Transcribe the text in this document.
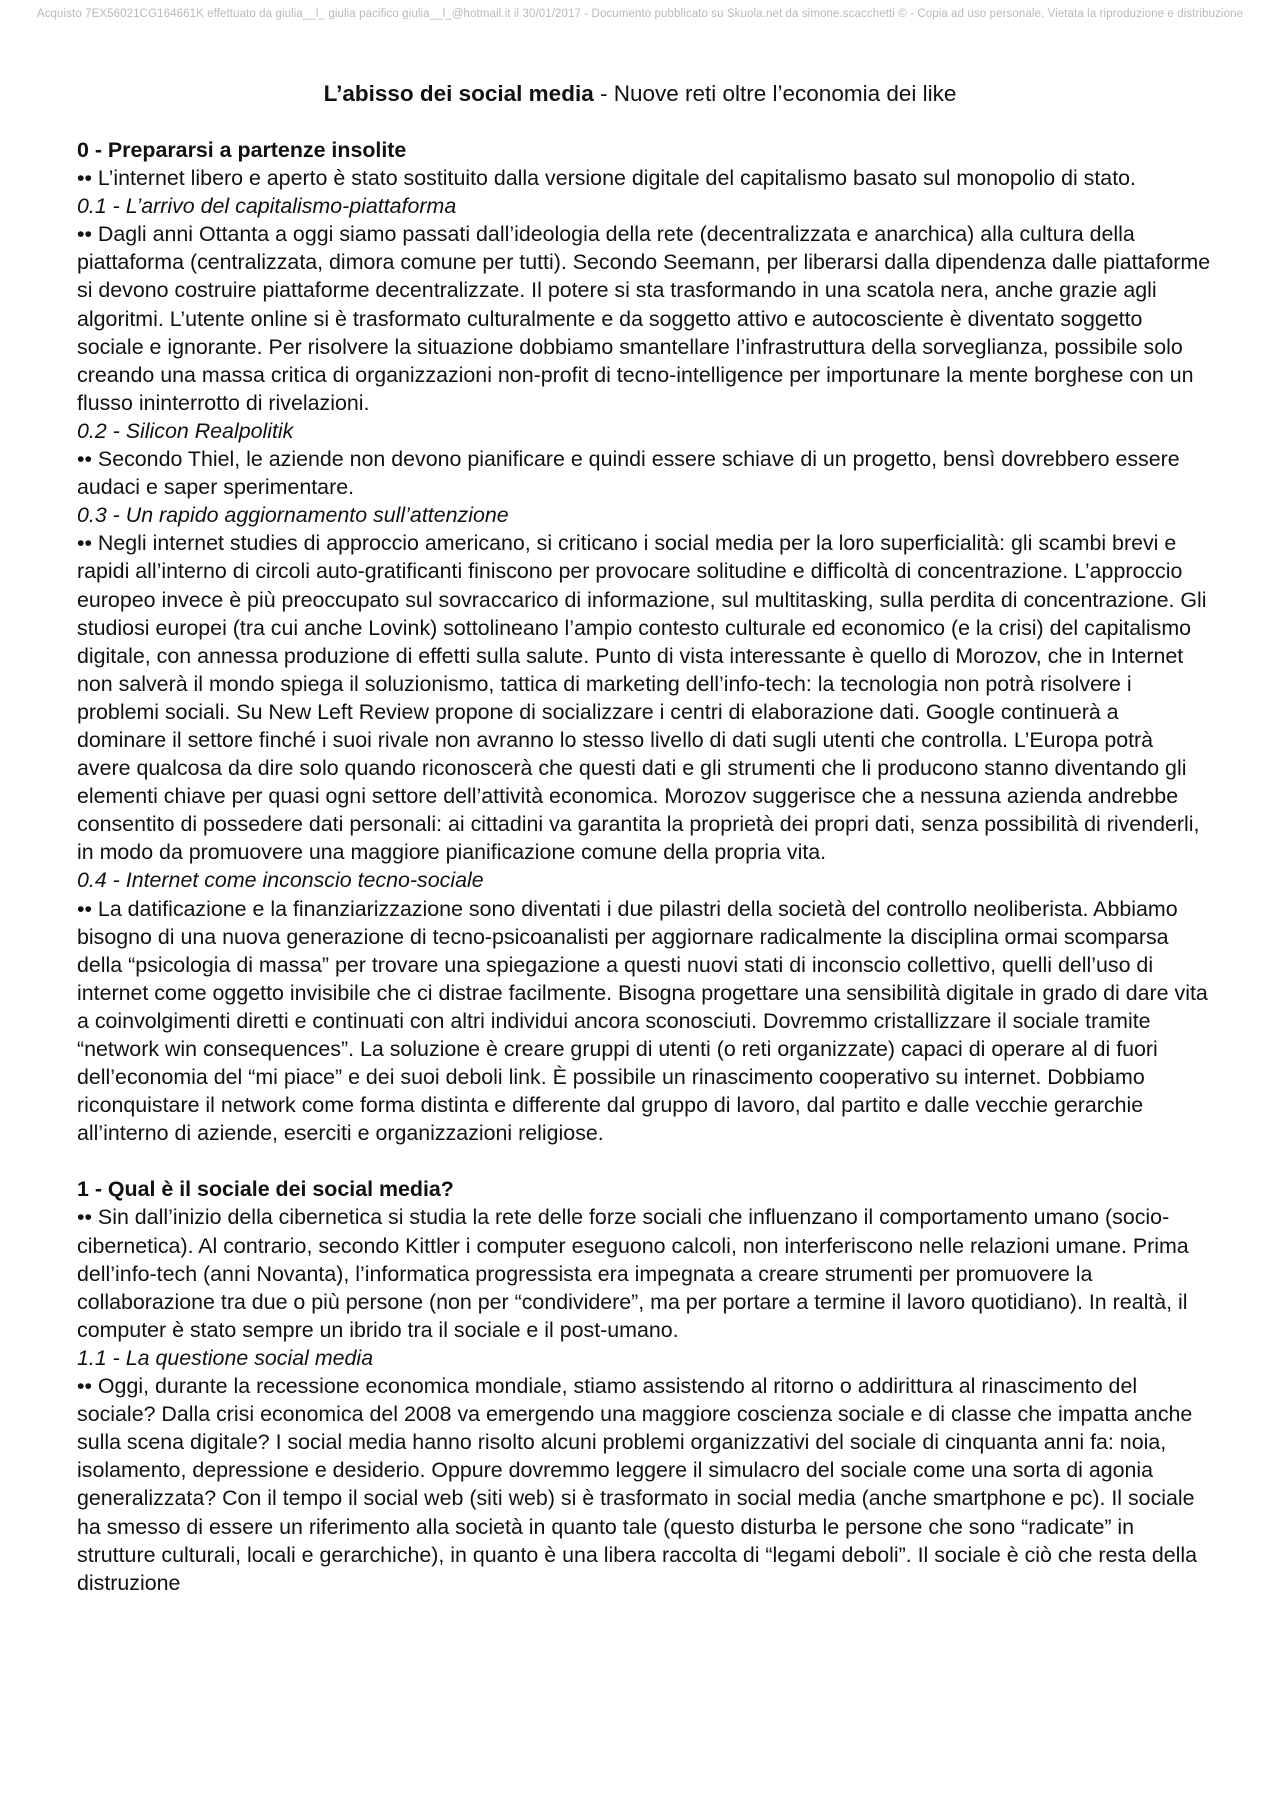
Acquisto 7EX56021CG164661K effettuato da giulia__l_ giulia pacifico giulia__l_@hotmail.it il 30/01/2017 - Documento pubblicato su Skuola.net da simone.scacchetti © - Copia ad uso personale. Vietata la riproduzione e distribuzione
L’abisso dei social media - Nuove reti oltre l’economia dei like

0 - Prepararsi a partenze insolite

•• L’internet libero e aperto è stato sostituito dalla versione digitale del capitalismo basato sul monopolio di stato.

0.1 - L’arrivo del capitalismo-piattaforma

•• Dagli anni Ottanta a oggi siamo passati dall’ideologia della rete (decentralizzata e anarchica) alla cultura della piattaforma (centralizzata, dimora comune per tutti). Secondo Seemann, per liberarsi dalla dipendenza dalle piattaforme si devono costruire piattaforme decentralizzate. Il potere si sta trasformando in una scatola nera, anche grazie agli algoritmi. L’utente online si è trasformato culturalmente e da soggetto attivo e autocosciente è diventato soggetto sociale e ignorante. Per risolvere la situazione dobbiamo smantellare l’infrastruttura della sorveglianza, possibile solo creando una massa critica di organizzazioni non-profit di tecno-intelligence per importunare la mente borghese con un flusso ininterrotto di rivelazioni.

0.2 - Silicon Realpolitik

•• Secondo Thiel, le aziende non devono pianificare e quindi essere schiave di un progetto, bensì dovrebbero essere audaci e saper sperimentare.

0.3 - Un rapido aggiornamento sull’attenzione

•• Negli internet studies di approccio americano, si criticano i social media per la loro superficialità: gli scambi brevi e rapidi all’interno di circoli auto-gratificanti finiscono per provocare solitudine e difficoltà di concentrazione. L’approccio europeo invece è più preoccupato sul sovraccarico di informazione, sul multitasking, sulla perdita di concentrazione. Gli studiosi europei (tra cui anche Lovink) sottolineano l’ampio contesto culturale ed economico (e la crisi) del capitalismo digitale, con annessa produzione di effetti sulla salute. Punto di vista interessante è quello di Morozov, che in Internet non salverà il mondo spiega il soluzionismo, tattica di marketing dell’info-tech: la tecnologia non potrà risolvere i problemi sociali. Su New Left Review propone di socializzare i centri di elaborazione dati. Google continuerà a dominare il settore finché i suoi rivale non avranno lo stesso livello di dati sugli utenti che controlla. L’Europa potrà avere qualcosa da dire solo quando riconoscerà che questi dati e gli strumenti che li producono stanno diventando gli elementi chiave per quasi ogni settore dell’attività economica. Morozov suggerisce che a nessuna azienda andrebbe consentito di possedere dati personali: ai cittadini va garantita la proprietà dei propri dati, senza possibilità di rivenderli, in modo da promuovere una maggiore pianificazione comune della propria vita.

0.4 - Internet come inconscio tecno-sociale

•• La datificazione e la finanziarizzazione sono diventati i due pilastri della società del controllo neoliberista. Abbiamo bisogno di una nuova generazione di tecno-psicoanalisti per aggiornare radicalmente la disciplina ormai scomparsa della “psicologia di massa” per trovare una spiegazione a questi nuovi stati di inconscio collettivo, quelli dell’uso di internet come oggetto invisibile che ci distrae facilmente. Bisogna progettare una sensibilità digitale in grado di dare vita a coinvolgimenti diretti e continuati con altri individui ancora sconosciuti. Dovremmo cristallizzare il sociale tramite “network win consequences”. La soluzione è creare gruppi di utenti (o reti organizzate) capaci di operare al di fuori dell’economia del “mi piace” e dei suoi deboli link. È possibile un rinascimento cooperativo su internet. Dobbiamo riconquistare il network come forma distinta e differente dal gruppo di lavoro, dal partito e dalle vecchie gerarchie all’interno di aziende, eserciti e organizzazioni religiose.

1 - Qual è il sociale dei social media?

•• Sin dall’inizio della cibernetica si studia la rete delle forze sociali che influenzano il comportamento umano (socio-cibernetica). Al contrario, secondo Kittler i computer eseguono calcoli, non interferiscono nelle relazioni umane. Prima dell’info-tech (anni Novanta), l’informatica progressista era impegnata a creare strumenti per promuovere la collaborazione tra due o più persone (non per “condividere”, ma per portare a termine il lavoro quotidiano). In realtà, il computer è stato sempre un ibrido tra il sociale e il post-umano.

1.1 - La questione social media

•• Oggi, durante la recessione economica mondiale, stiamo assistendo al ritorno o addirittura al rinascimento del sociale? Dalla crisi economica del 2008 va emergendo una maggiore coscienza sociale e di classe che impatta anche sulla scena digitale? I social media hanno risolto alcuni problemi organizzativi del sociale di cinquanta anni fa: noia, isolamento, depressione e desiderio. Oppure dovremmo leggere il simulacro del sociale come una sorta di agonia generalizzata? Con il tempo il social web (siti web) si è trasformato in social media (anche smartphone e pc). Il sociale ha smesso di essere un riferimento alla società in quanto tale (questo disturba le persone che sono “radicate” in strutture culturali, locali e gerarchiche), in quanto è una libera raccolta di “legami deboli”. Il sociale è ciò che resta della distruzione
